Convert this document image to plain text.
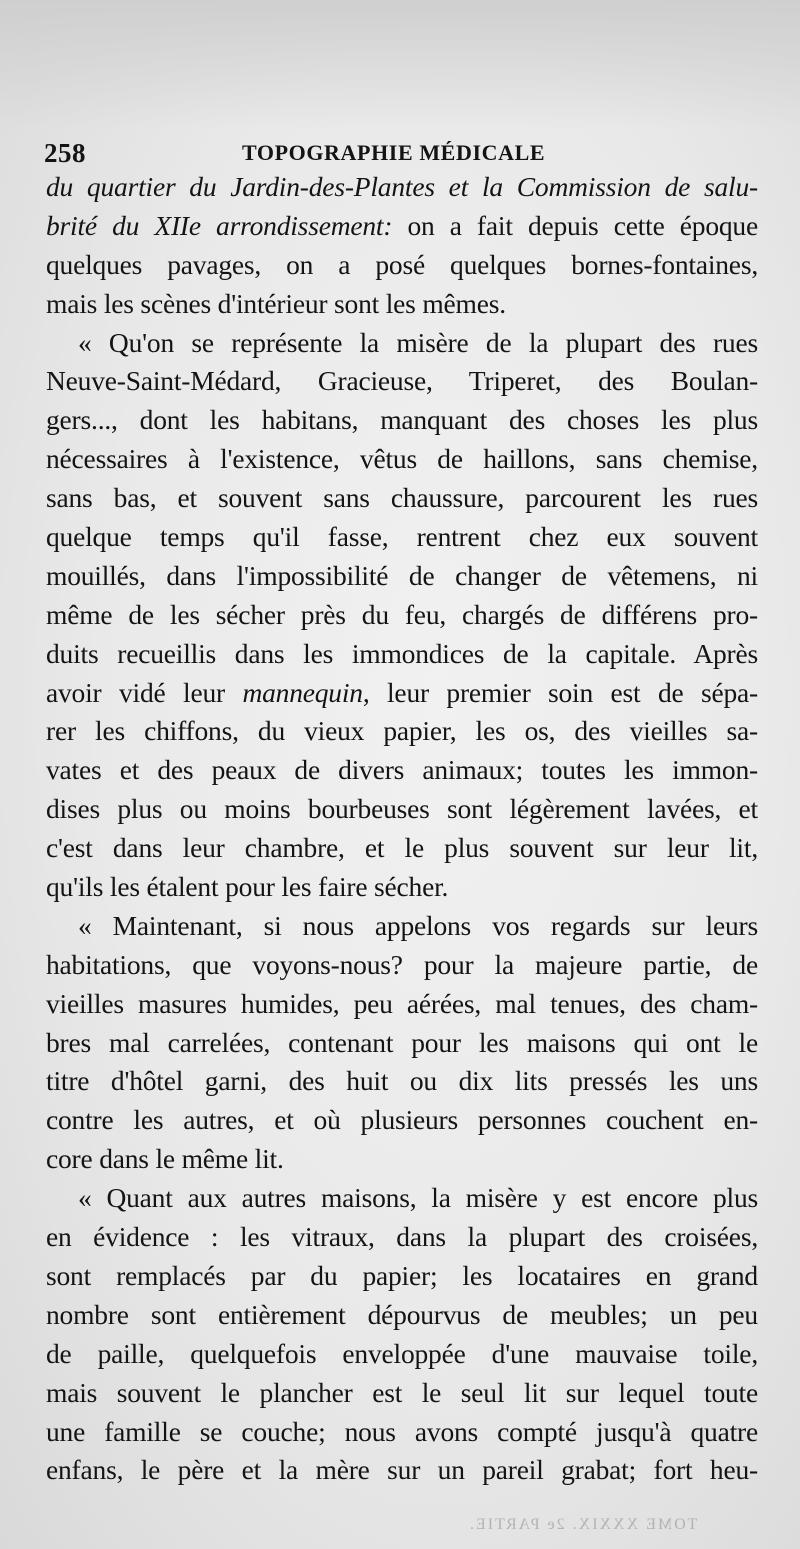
258	TOPOGRAPHIE MÉDICALE
du quartier du Jardin-des-Plantes et la Commission de salu-
brité du XIIe arrondissement: on a fait depuis cette époque
quelques pavages, on a posé quelques bornes-fontaines,
mais les scènes d'intérieur sont les mêmes.
« Qu'on se représente la misère de la plupart des rues
Neuve-Saint-Médard, Gracieuse, Triperet, des Boulan-
gers..., dont les habitans, manquant des choses les plus
nécessaires à l'existence, vêtus de haillons, sans chemise,
sans bas, et souvent sans chaussure, parcourent les rues
quelque temps qu'il fasse, rentrent chez eux souvent
mouillés, dans l'impossibilité de changer de vêtemens, ni
même de les sécher près du feu, chargés de différens pro-
duits recueillis dans les immondices de la capitale. Après
avoir vidé leur mannequin, leur premier soin est de sépa-
rer les chiffons, du vieux papier, les os, des vieilles sa-
vates et des peaux de divers animaux; toutes les immon-
dises plus ou moins bourbeuses sont légèrement lavées, et
c'est dans leur chambre, et le plus souvent sur leur lit,
qu'ils les étalent pour les faire sécher.
« Maintenant, si nous appelons vos regards sur leurs
habitations, que voyons-nous? pour la majeure partie, de
vieilles masures humides, peu aérées, mal tenues, des cham-
bres mal carrelées, contenant pour les maisons qui ont le
titre d'hôtel garni, des huit ou dix lits pressés les uns
contre les autres, et où plusieurs personnes couchent en-
core dans le même lit.
« Quant aux autres maisons, la misère y est encore plus
en évidence : les vitraux, dans la plupart des croisées,
sont remplacés par du papier; les locataires en grand
nombre sont entièrement dépourvus de meubles; un peu
de paille, quelquefois enveloppée d'une mauvaise toile,
mais souvent le plancher est le seul lit sur lequel toute
une famille se couche; nous avons compté jusqu'à quatre
enfans, le père et la mère sur un pareil grabat; fort heu-
TOME XXXIX. 2e PARTIE.
